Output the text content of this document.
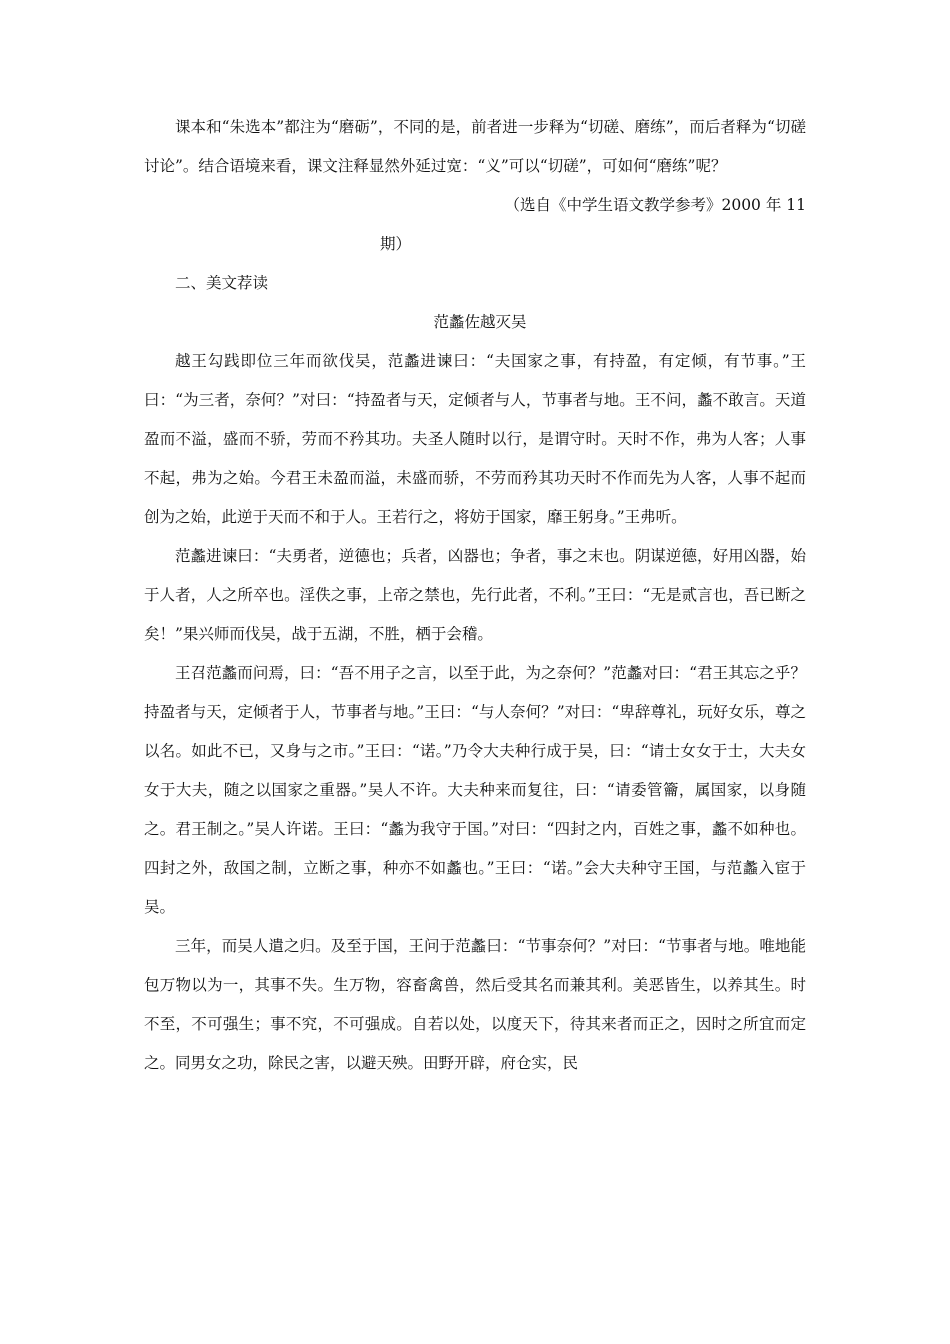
课本和“朱选本”都注为“磨砺”，不同的是，前者进一步释为“切磋、磨练”，而后者释为“切磋讨论”。结合语境来看，课文注释显然外延过宽：“义”可以“切磋”，可如何“磨练”呢？

（选自《中学生语文教学参考》2000 年 11
期）
二、美文荐读
范蠡佐越灭吴

越王勾践即位三年而欲伐吴，范蠡进谏曰：“夫国家之事，有持盈，有定倾，有节事。”王曰：“为三者，奈何？”对曰：“持盈者与天，定倾者与人，节事者与地。王不问，蠡不敢言。天道盈而不溢，盛而不骄，劳而不矜其功。夫圣人随时以行，是谓守时。天时不作，弗为人客；人事不起，弗为之始。今君王未盈而溢，未盛而骄，不劳而矜其功天时不作而先为人客，人事不起而创为之始，此逆于天而不和于人。王若行之，将妨于国家，靡王躬身。”王弗听。

范蠡进谏曰：“夫勇者，逆德也；兵者，凶器也；争者，事之末也。阴谋逆德，好用凶器，始于人者，人之所卒也。淫佚之事，上帝之禁也，先行此者，不利。”王曰：“无是贰言也，吾已断之矣！”果兴师而伐吴，战于五湖，不胜，栖于会稽。

王召范蠡而问焉，曰：“吾不用子之言，以至于此，为之奈何？”范蠡对曰：“君王其忘之乎？持盈者与天，定倾者于人，节事者与地。”王曰：“与人奈何？”对曰：“卑辞尊礼，玩好女乐，尊之以名。如此不已，又身与之市。”王曰：“诺。”乃令大夫种行成于吴，曰：“请士女女于士，大夫女女于大夫，随之以国家之重器。”吴人不许。大夫种来而复往，曰：“请委管籥，属国家，以身随之。君王制之。”吴人许诺。王曰：“蠡为我守于国。”对曰：“四封之内，百姓之事，蠡不如种也。四封之外，敌国之制，立断之事，种亦不如蠡也。”王曰：“诺。”会大夫种守王国，与范蠡入宦于吴。

三年，而吴人遣之归。及至于国，王问于范蠡曰：“节事奈何？”对曰：“节事者与地。唯地能包万物以为一，其事不失。生万物，容畜禽兽，然后受其名而兼其利。美恶皆生，以养其生。时不至，不可强生；事不究，不可强成。自若以处，以度天下，待其来者而正之，因时之所宜而定之。同男女之功，除民之害，以避天殃。田野开辟，府仓实，民
